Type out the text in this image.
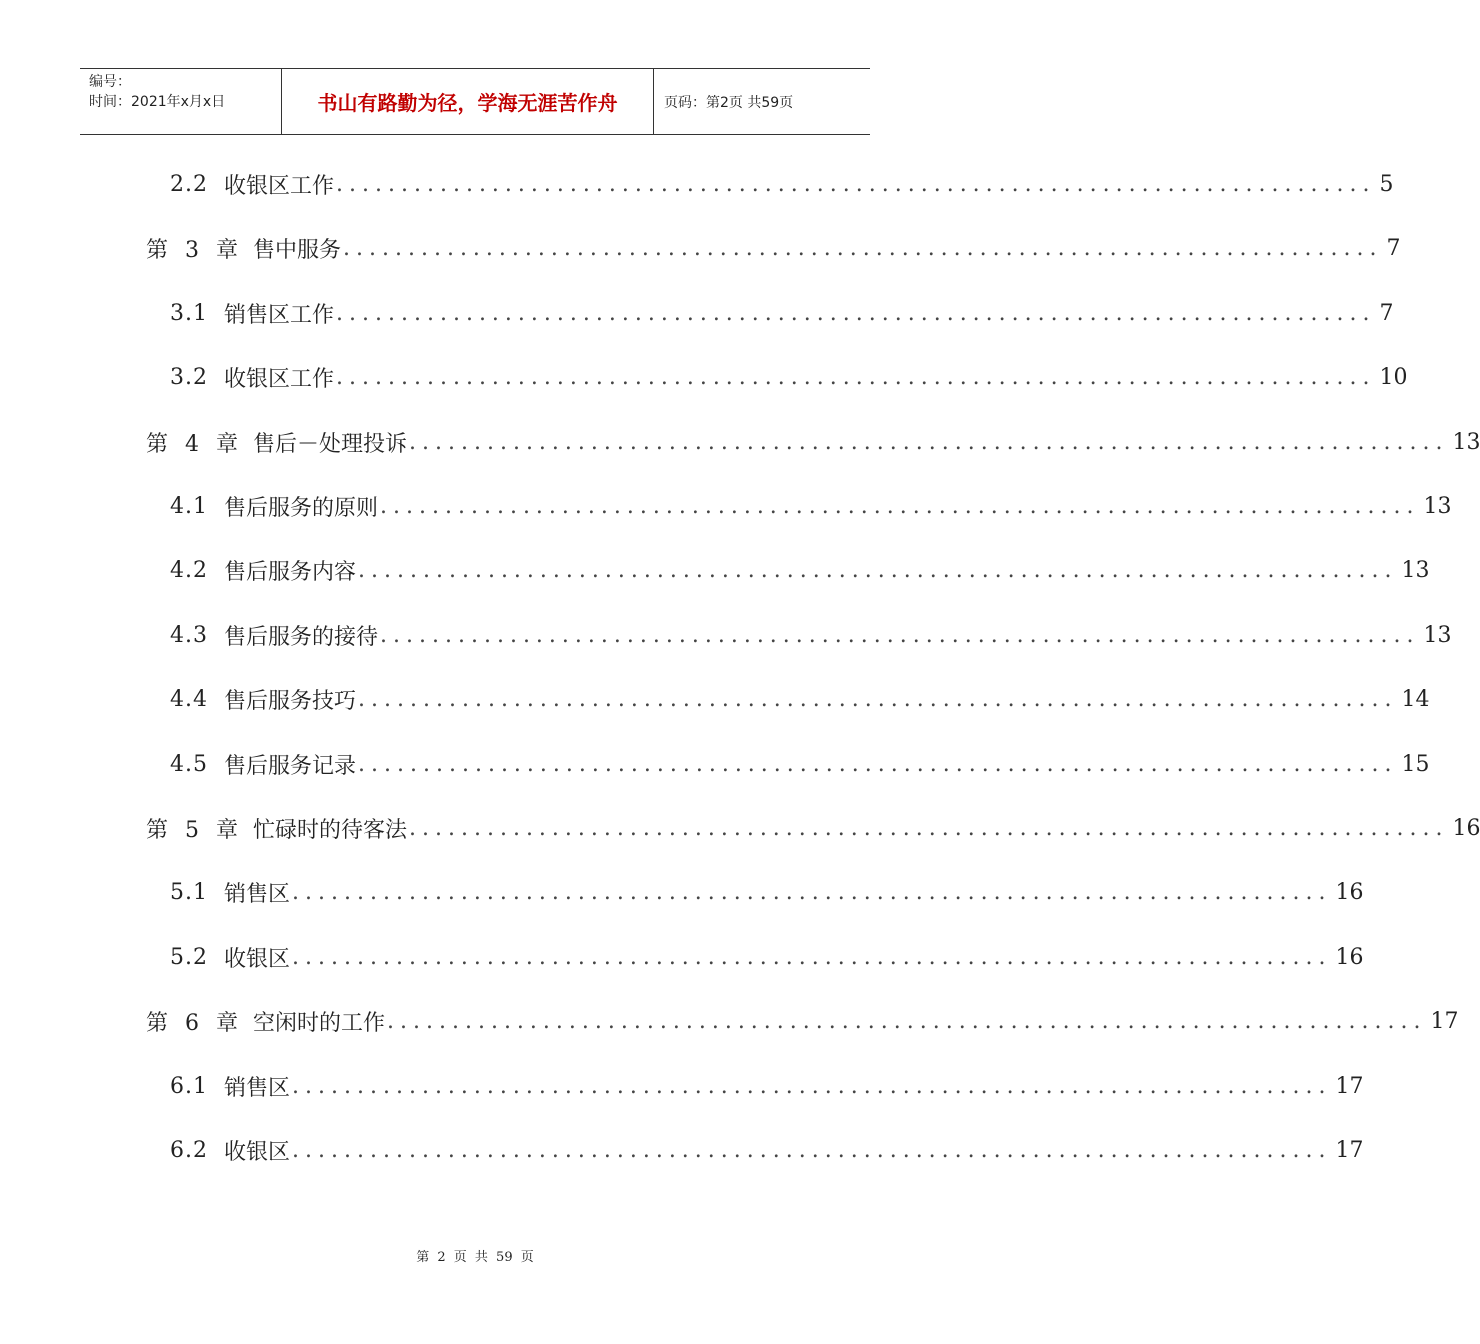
编号：
时间：2021年x月x日	书山有路勤为径，学海无涯苦作舟	页码：第2页 共59页
2.2 收银区工作 ................................................................................ 5
第 3 章 售中服务 ................................................................................ 7
3.1 销售区工作 ................................................................................ 7
3.2 收银区工作 ................................................................................ 10
第 4 章 售后－处理投诉 ................................................................................ 13
4.1 售后服务的原则 ................................................................................ 13
4.2 售后服务内容 ................................................................................ 13
4.3 售后服务的接待 ................................................................................ 13
4.4 售后服务技巧 ................................................................................ 14
4.5 售后服务记录 ................................................................................ 15
第 5 章 忙碌时的待客法 ................................................................................ 16
5.1 销售区 ................................................................................ 16
5.2 收银区 ................................................................................ 16
第 6 章 空闲时的工作 ................................................................................ 17
6.1 销售区 ................................................................................ 17
6.2 收银区 ................................................................................ 17
第 2 页 共 59 页
